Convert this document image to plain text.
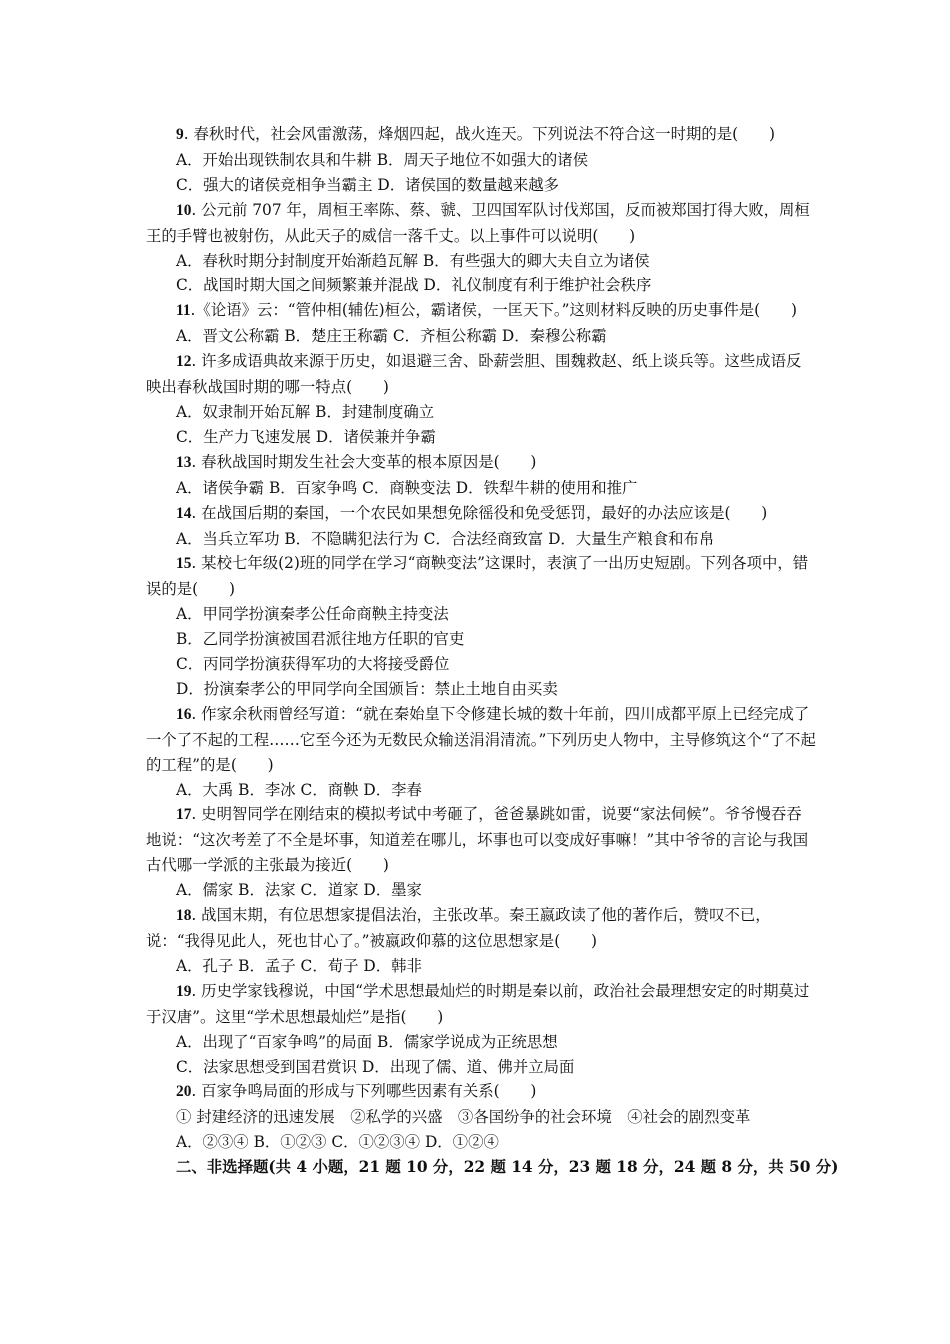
9. 春秋时代，社会风雷激荡，烽烟四起，战火连天。下列说法不符合这一时期的是(　　)
A．开始出现铁制农具和牛耕 B．周天子地位不如强大的诸侯
C．强大的诸侯竞相争当霸主 D．诸侯国的数量越来越多
10. 公元前 707 年，周桓王率陈、蔡、虢、卫四国军队讨伐郑国，反而被郑国打得大败，周桓王的手臂也被射伤，从此天子的威信一落千丈。以上事件可以说明(　　)
A．春秋时期分封制度开始渐趋瓦解 B．有些强大的卿大夫自立为诸侯
C．战国时期大国之间频繁兼并混战 D．礼仪制度有利于维护社会秩序
11.《论语》云：“管仲相(辅佐)桓公，霸诸侯，一匡天下。”这则材料反映的历史事件是(　　)
A．晋文公称霸 B．楚庄王称霸 C．齐桓公称霸 D．秦穆公称霸
12. 许多成语典故来源于历史，如退避三舍、卧薪尝胆、围魏救赵、纸上谈兵等。这些成语反映出春秋战国时期的哪一特点(　　)
A．奴隶制开始瓦解 B．封建制度确立
C．生产力飞速发展 D．诸侯兼并争霸
13. 春秋战国时期发生社会大变革的根本原因是(　　)
A．诸侯争霸 B．百家争鸣 C．商鞅变法 D．铁犁牛耕的使用和推广
14. 在战国后期的秦国，一个农民如果想免除徭役和免受惩罚，最好的办法应该是(　　)
A．当兵立军功 B．不隐瞒犯法行为 C．合法经商致富 D．大量生产粮食和布帛
15. 某校七年级(2)班的同学在学习“商鞅变法”这课时，表演了一出历史短剧。下列各项中，错误的是(　　)
A．甲同学扮演秦孝公任命商鞅主持变法
B．乙同学扮演被国君派往地方任职的官吏
C．丙同学扮演获得军功的大将接受爵位
D．扮演秦孝公的甲同学向全国颁旨：禁止土地自由买卖
16. 作家余秋雨曾经写道：“就在秦始皇下令修建长城的数十年前，四川成都平原上已经完成了一个了不起的工程……它至今还为无数民众输送涓涓清流。”下列历史人物中，主导修筑这个“了不起的工程”的是(　　)
A．大禹 B．李冰 C．商鞅 D．李春
17. 史明智同学在刚结束的模拟考试中考砸了，爸爸暴跳如雷，说要“家法伺候”。爷爷慢吞吞地说：“这次考差了不全是坏事，知道差在哪儿，坏事也可以变成好事嘛！”其中爷爷的言论与我国古代哪一学派的主张最为接近(　　)
A．儒家 B．法家 C．道家 D．墨家
18. 战国末期，有位思想家提倡法治，主张改革。秦王嬴政读了他的著作后，赞叹不已，说：“我得见此人，死也甘心了。”被嬴政仰慕的这位思想家是(　　)
A．孔子 B．孟子 C．荀子 D．韩非
19. 历史学家钱穆说，中国“学术思想最灿烂的时期是秦以前，政治社会最理想安定的时期莫过于汉唐”。这里“学术思想最灿烂”是指(　　)
A．出现了“百家争鸣”的局面 B．儒家学说成为正统思想
C．法家思想受到国君赏识 D．出现了儒、道、佛并立局面
20. 百家争鸣局面的形成与下列哪些因素有关系(　　)
① 封建经济的迅速发展　②私学的兴盛　③各国纷争的社会环境　④社会的剧烈变革
A．②③④ B．①②③ C．①②③④ D．①②④
二、非选择题(共 4 小题，21 题 10 分，22 题 14 分，23 题 18 分，24 题 8 分，共 50 分)
